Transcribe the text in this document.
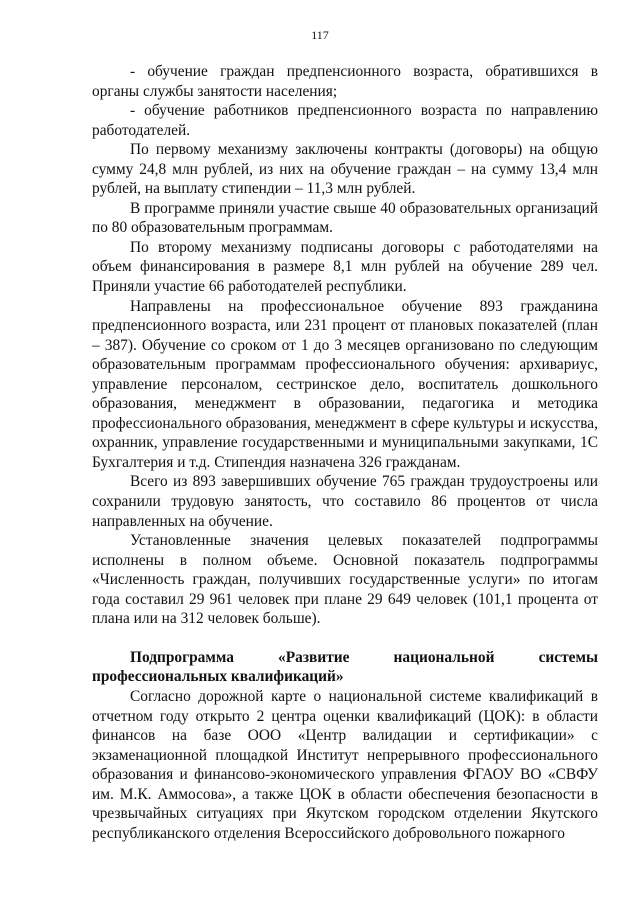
117

- обучение граждан предпенсионного возраста, обратившихся в органы службы занятости населения;

- обучение работников предпенсионного возраста по направлению работодателей.

По первому механизму заключены контракты (договоры) на общую сумму 24,8 млн рублей, из них на обучение граждан – на сумму 13,4 млн рублей, на выплату стипендии – 11,3 млн рублей.

В программе приняли участие свыше 40 образовательных организаций по 80 образовательным программам.

По второму механизму подписаны договоры с работодателями на объем финансирования в размере 8,1 млн рублей на обучение 289 чел. Приняли участие 66 работодателей республики.

Направлены на профессиональное обучение 893 гражданина предпенсионного возраста, или 231 процент от плановых показателей (план – 387). Обучение со сроком от 1 до 3 месяцев организовано по следующим образовательным программам профессионального обучения: архивариус, управление персоналом, сестринское дело, воспитатель дошкольного образования, менеджмент в образовании, педагогика и методика профессионального образования, менеджмент в сфере культуры и искусства, охранник, управление государственными и муниципальными закупками, 1С Бухгалтерия и т.д. Стипендия назначена 326 гражданам.

Всего из 893 завершивших обучение 765 граждан трудоустроены или сохранили трудовую занятость, что составило 86 процентов от числа направленных на обучение.

Установленные значения целевых показателей подпрограммы исполнены в полном объеме. Основной показатель подпрограммы «Численность граждан, получивших государственные услуги» по итогам года составил 29 961 человек при плане 29 649 человек (101,1 процента от плана или на 312 человек больше).

Подпрограмма «Развитие национальной системы профессиональных квалификаций»

Согласно дорожной карте о национальной системе квалификаций в отчетном году открыто 2 центра оценки квалификаций (ЦОК): в области финансов на базе ООО «Центр валидации и сертификации» с экзаменационной площадкой Институт непрерывного профессионального образования и финансово-экономического управления ФГАОУ ВО «СВФУ им. М.К. Аммосова», а также ЦОК в области обеспечения безопасности в чрезвычайных ситуациях при Якутском городском отделении Якутского республиканского отделения Всероссийского добровольного пожарного
